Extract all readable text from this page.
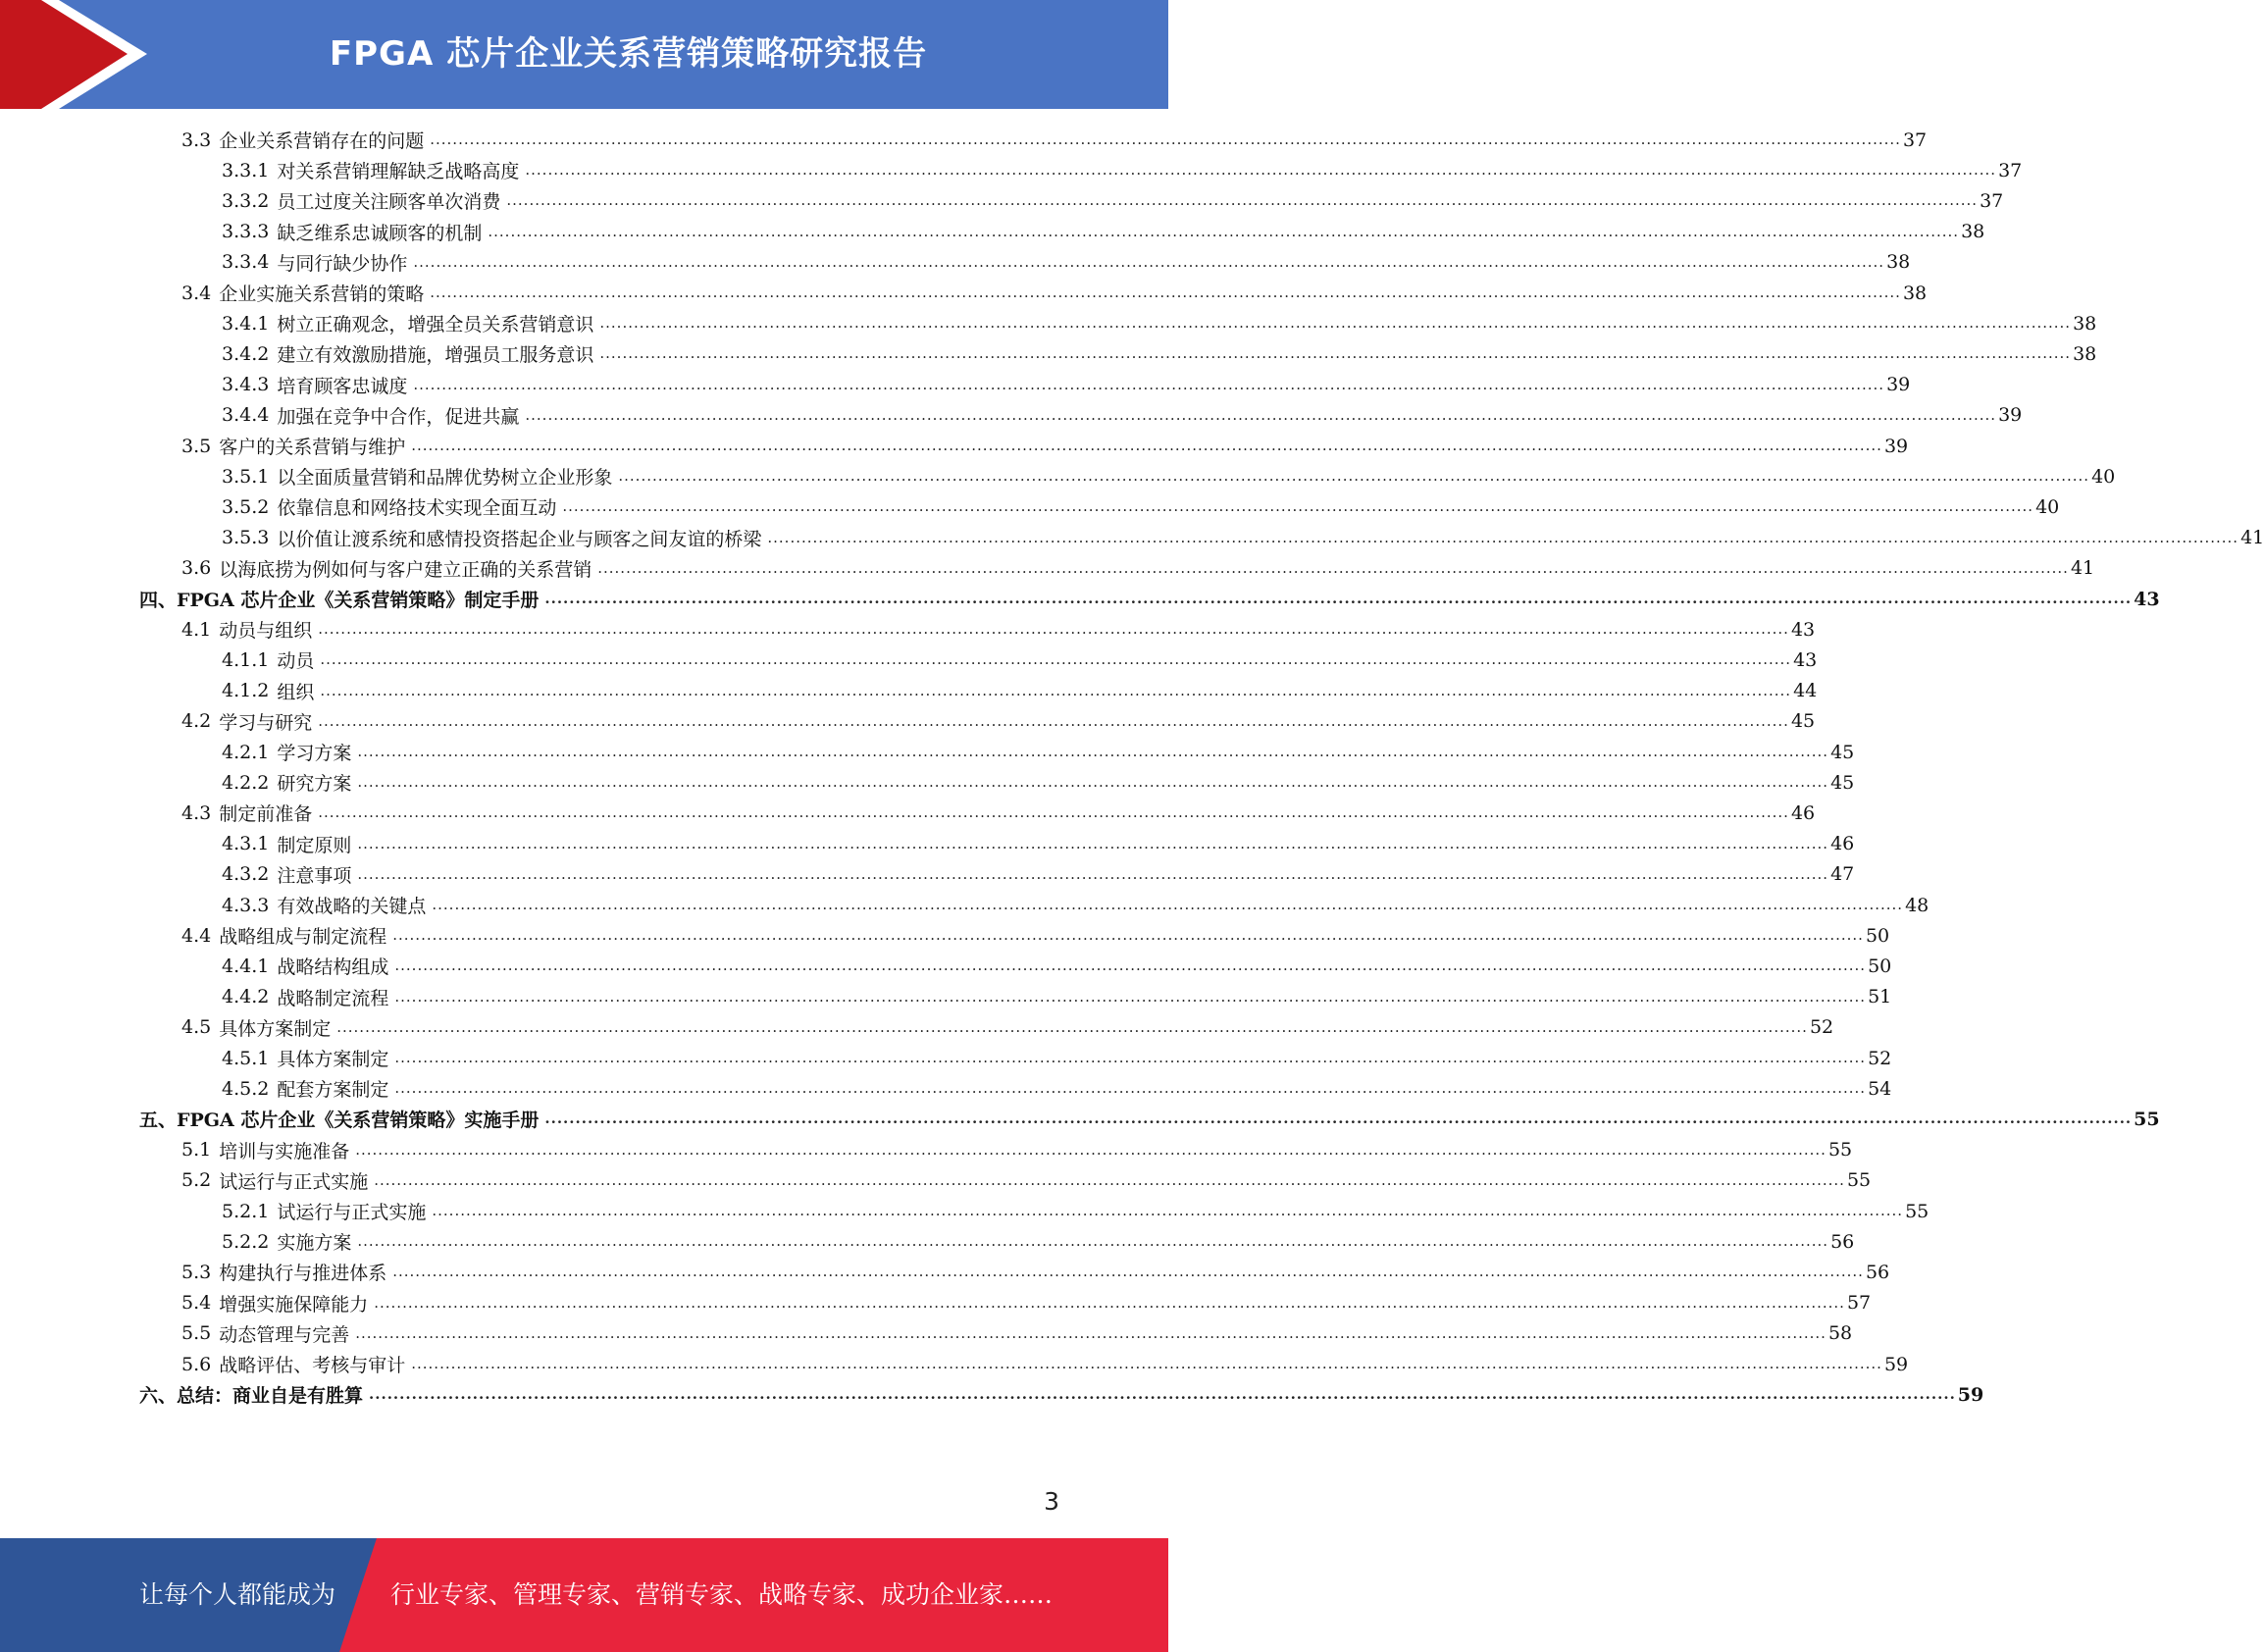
FPGA 芯片企业关系营销策略研究报告
3.3 企业关系营销存在的问题 .................................................................................................................................................................................................................................................................... 37
3.3.1 对关系营销理解缺乏战略高度 .................................................................................................................................................................................................................................................................... 37
3.3.2 员工过度关注顾客单次消费 .................................................................................................................................................................................................................................................................... 37
3.3.3 缺乏维系忠诚顾客的机制 .................................................................................................................................................................................................................................................................... 38
3.3.4 与同行缺少协作 .................................................................................................................................................................................................................................................................... 38
3.4 企业实施关系营销的策略 .................................................................................................................................................................................................................................................................... 38
3.4.1 树立正确观念，增强全员关系营销意识 .................................................................................................................................................................................................................................................................... 38
3.4.2 建立有效激励措施，增强员工服务意识 .................................................................................................................................................................................................................................................................... 38
3.4.3 培育顾客忠诚度 .................................................................................................................................................................................................................................................................... 39
3.4.4 加强在竞争中合作，促进共赢 .................................................................................................................................................................................................................................................................... 39
3.5 客户的关系营销与维护 .................................................................................................................................................................................................................................................................... 39
3.5.1 以全面质量营销和品牌优势树立企业形象 .................................................................................................................................................................................................................................................................... 40
3.5.2 依靠信息和网络技术实现全面互动 .................................................................................................................................................................................................................................................................... 40
3.5.3 以价值让渡系统和感情投资搭起企业与顾客之间友谊的桥梁 .................................................................................................................................................................................................................................................................... 41
3.6 以海底捞为例如何与客户建立正确的关系营销 .................................................................................................................................................................................................................................................................... 41
四、 FPGA 芯片企业《关系营销策略》制定手册 .................................................................................................................................................................................................................................................................... 43
4.1 动员与组织 .................................................................................................................................................................................................................................................................... 43
4.1.1 动员 .................................................................................................................................................................................................................................................................... 43
4.1.2 组织 .................................................................................................................................................................................................................................................................... 44
4.2 学习与研究 .................................................................................................................................................................................................................................................................... 45
4.2.1 学习方案 .................................................................................................................................................................................................................................................................... 45
4.2.2 研究方案 .................................................................................................................................................................................................................................................................... 45
4.3 制定前准备 .................................................................................................................................................................................................................................................................... 46
4.3.1 制定原则 .................................................................................................................................................................................................................................................................... 46
4.3.2 注意事项 .................................................................................................................................................................................................................................................................... 47
4.3.3 有效战略的关键点 .................................................................................................................................................................................................................................................................... 48
4.4 战略组成与制定流程 .................................................................................................................................................................................................................................................................... 50
4.4.1 战略结构组成 .................................................................................................................................................................................................................................................................... 50
4.4.2 战略制定流程 .................................................................................................................................................................................................................................................................... 51
4.5 具体方案制定 .................................................................................................................................................................................................................................................................... 52
4.5.1 具体方案制定 .................................................................................................................................................................................................................................................................... 52
4.5.2 配套方案制定 .................................................................................................................................................................................................................................................................... 54
五、 FPGA 芯片企业《关系营销策略》实施手册 .................................................................................................................................................................................................................................................................... 55
5.1 培训与实施准备 .................................................................................................................................................................................................................................................................... 55
5.2 试运行与正式实施 .................................................................................................................................................................................................................................................................... 55
5.2.1 试运行与正式实施 .................................................................................................................................................................................................................................................................... 55
5.2.2 实施方案 .................................................................................................................................................................................................................................................................... 56
5.3 构建执行与推进体系 .................................................................................................................................................................................................................................................................... 56
5.4 增强实施保障能力 .................................................................................................................................................................................................................................................................... 57
5.5 动态管理与完善 .................................................................................................................................................................................................................................................................... 58
5.6 战略评估、考核与审计 .................................................................................................................................................................................................................................................................... 59
六、 总结：商业自是有胜算 .................................................................................................................................................................................................................................................................... 59
3
让每个人都能成为 行业专家、管理专家、营销专家、战略专家、成功企业家……
